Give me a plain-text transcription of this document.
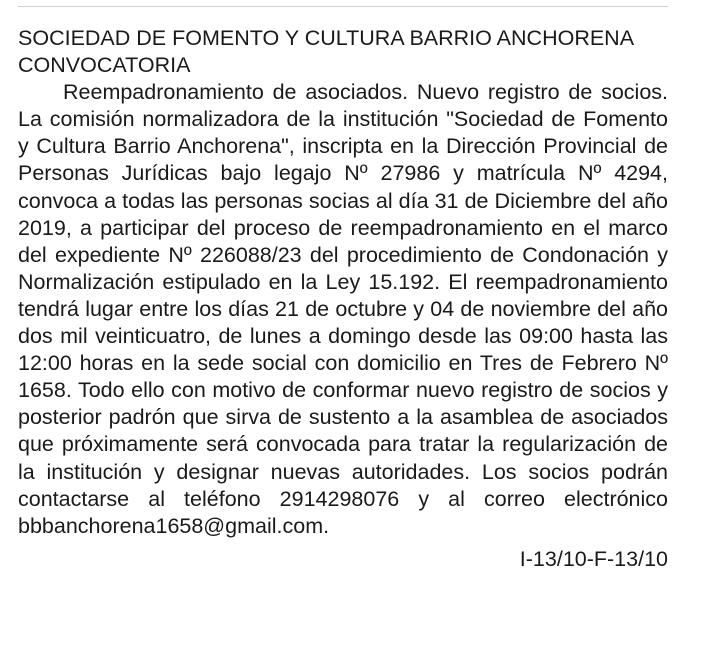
SOCIEDAD DE FOMENTO Y CULTURA BARRIO ANCHORENA
CONVOCATORIA

Reempadronamiento de asociados. Nuevo registro de socios. La comisión normalizadora de la institución "Sociedad de Fomento y Cultura Barrio Anchorena", inscripta en la Dirección Provincial de Personas Jurídicas bajo legajo Nº 27986 y matrícula Nº 4294, convoca a todas las personas socias al día 31 de Diciembre del año 2019, a participar del proceso de reempadronamiento en el marco del expediente Nº 226088/23 del procedimiento de Condonación y Normalización estipulado en la Ley 15.192. El reempadronamiento tendrá lugar entre los días 21 de octubre y 04 de noviembre del año dos mil veinticuatro, de lunes a domingo desde las 09:00 hasta las 12:00 horas en la sede social con domicilio en Tres de Febrero Nº 1658. Todo ello con motivo de conformar nuevo registro de socios y posterior padrón que sirva de sustento a la asamblea de asociados que próximamente será convocada para tratar la regularización de la institución y designar nuevas autoridades. Los socios podrán contactarse al teléfono 2914298076 y al correo electrónico bbbanchorena1658@gmail.com.

I-13/10-F-13/10
